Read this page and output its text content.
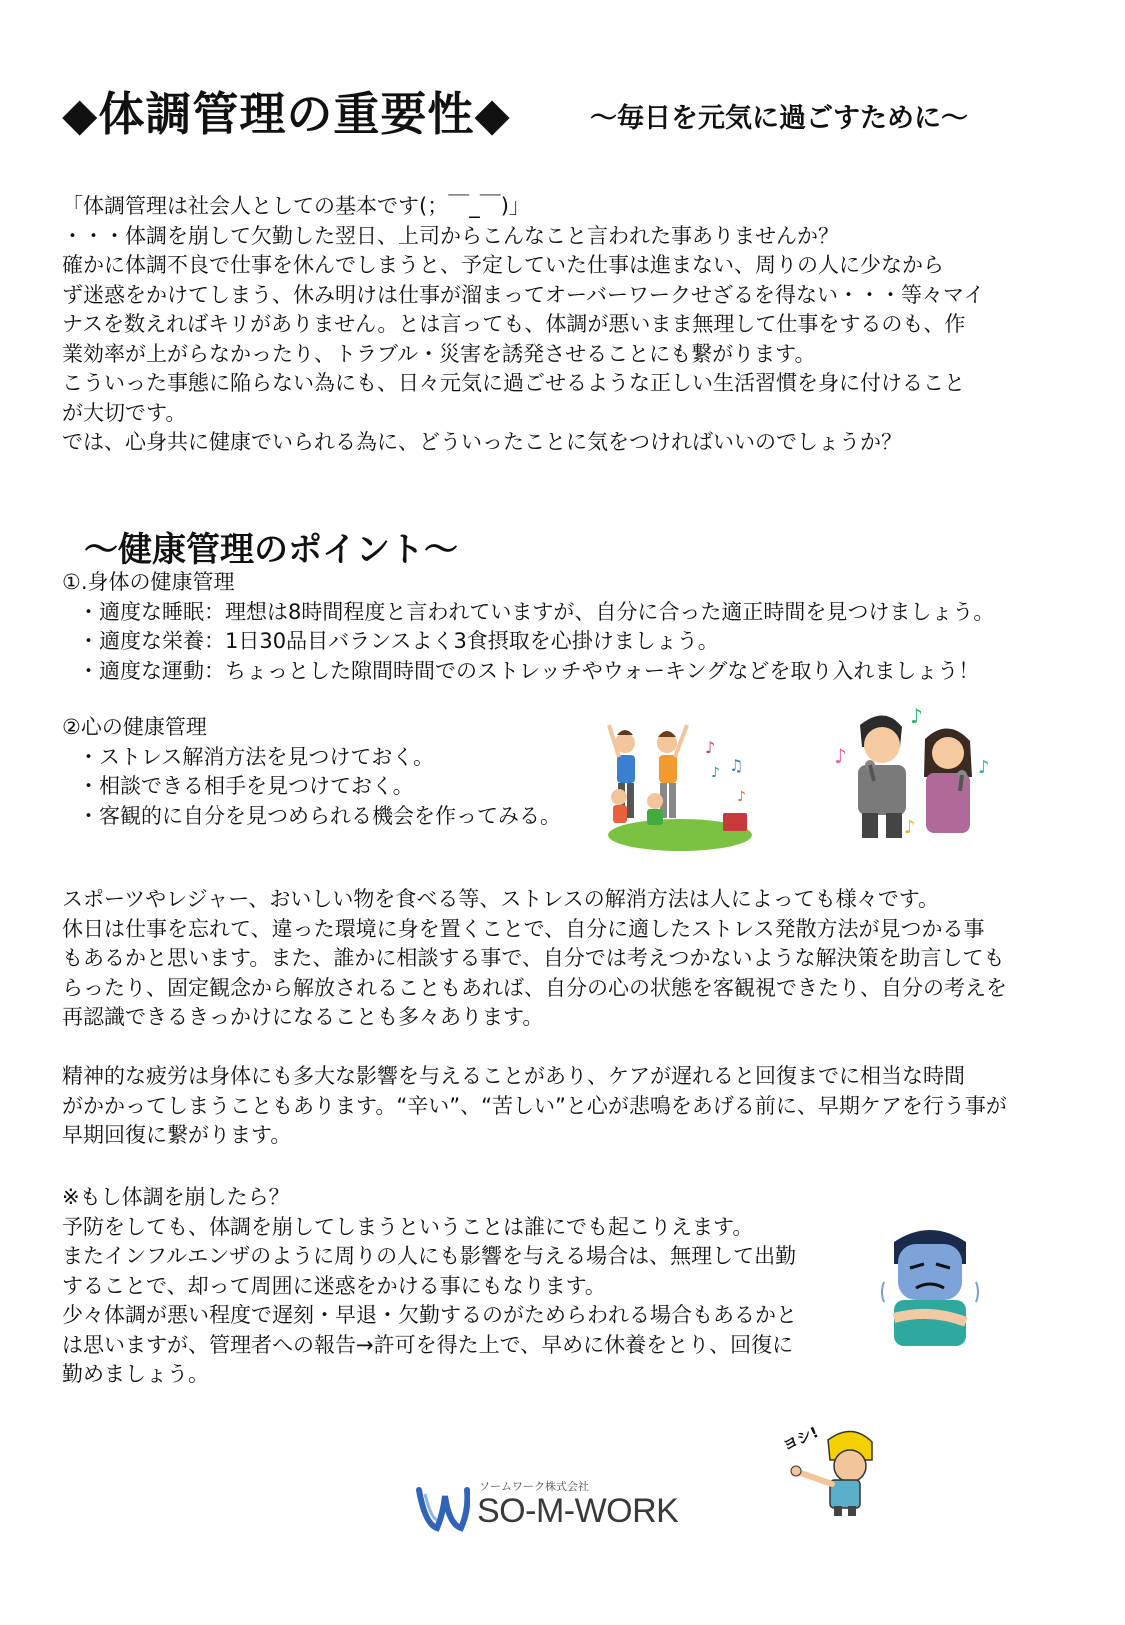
◆体調管理の重要性◆	～毎日を元気に過ごすために～
「体調管理は社会人としての基本です(；￣_￣)」
・・・体調を崩して欠勤した翌日、上司からこんなこと言われた事ありませんか？
確かに体調不良で仕事を休んでしまうと、予定していた仕事は進まない、周りの人に少なから
ず迷惑をかけてしまう、休み明けは仕事が溜まってオーバーワークせざるを得ない・・・等々マイ
ナスを数えればキリがありません。とは言っても、体調が悪いまま無理して仕事をするのも、作
業効率が上がらなかったり、トラブル・災害を誘発させることにも繋がります。
こういった事態に陥らない為にも、日々元気に過ごせるような正しい生活習慣を身に付けること
が大切です。
では、心身共に健康でいられる為に、どういったことに気をつければいいのでしょうか？
～健康管理のポイント～
①.身体の健康管理
・適度な睡眠：理想は8時間程度と言われていますが、自分に合った適正時間を見つけましょう。
・適度な栄養：1日30品目バランスよく3食摂取を心掛けましょう。
・適度な運動：ちょっとした隙間時間でのストレッチやウォーキングなどを取り入れましょう！
②心の健康管理
・ストレス解消方法を見つけておく。
・相談できる相手を見つけておく。
・客観的に自分を見つめられる機会を作ってみる。
♪
♫
♪
♪
♪
♪
♪
♪
スポーツやレジャー、おいしい物を食べる等、ストレスの解消方法は人によっても様々です。
休日は仕事を忘れて、違った環境に身を置くことで、自分に適したストレス発散方法が見つかる事
もあるかと思います。また、誰かに相談する事で、自分では考えつかないような解決策を助言しても
らったり、固定観念から解放されることもあれば、自分の心の状態を客観視できたり、自分の考えを
再認識できるきっかけになることも多々あります。
精神的な疲労は身体にも多大な影響を与えることがあり、ケアが遅れると回復までに相当な時間
がかかってしまうこともあります。“辛い”、“苦しい”と心が悲鳴をあげる前に、早期ケアを行う事が
早期回復に繋がります。
※もし体調を崩したら？
予防をしても、体調を崩してしまうということは誰にでも起こりえます。
またインフルエンザのように周りの人にも影響を与える場合は、無理して出勤
することで、却って周囲に迷惑をかける事にもなります。
少々体調が悪い程度で遅刻・早退・欠勤するのがためらわれる場合もあるかと
は思いますが、管理者への報告→許可を得た上で、早めに休養をとり、回復に
勤めましょう。
ソームワーク株式会社
SO-M-WORK
ヨシ!
